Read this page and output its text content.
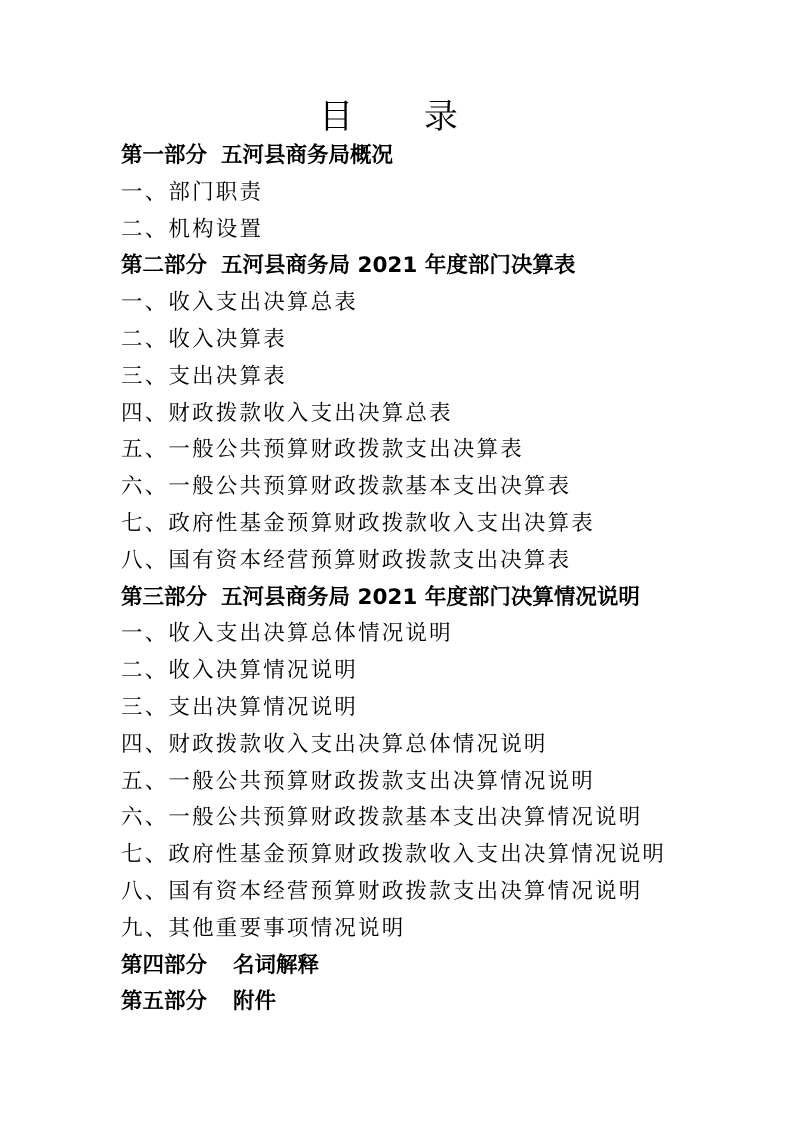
目 录
第一部分 五河县商务局概况
一、部门职责
二、机构设置
第二部分 五河县商务局 2021 年度部门决算表
一、收入支出决算总表
二、收入决算表
三、支出决算表
四、财政拨款收入支出决算总表
五、一般公共预算财政拨款支出决算表
六、一般公共预算财政拨款基本支出决算表
七、政府性基金预算财政拨款收入支出决算表
八、国有资本经营预算财政拨款支出决算表
第三部分 五河县商务局 2021 年度部门决算情况说明
一、收入支出决算总体情况说明
二、收入决算情况说明
三、支出决算情况说明
四、财政拨款收入支出决算总体情况说明
五、一般公共预算财政拨款支出决算情况说明
六、一般公共预算财政拨款基本支出决算情况说明
七、政府性基金预算财政拨款收入支出决算情况说明
八、国有资本经营预算财政拨款支出决算情况说明
九、其他重要事项情况说明
第四部分 名词解释
第五部分 附件
